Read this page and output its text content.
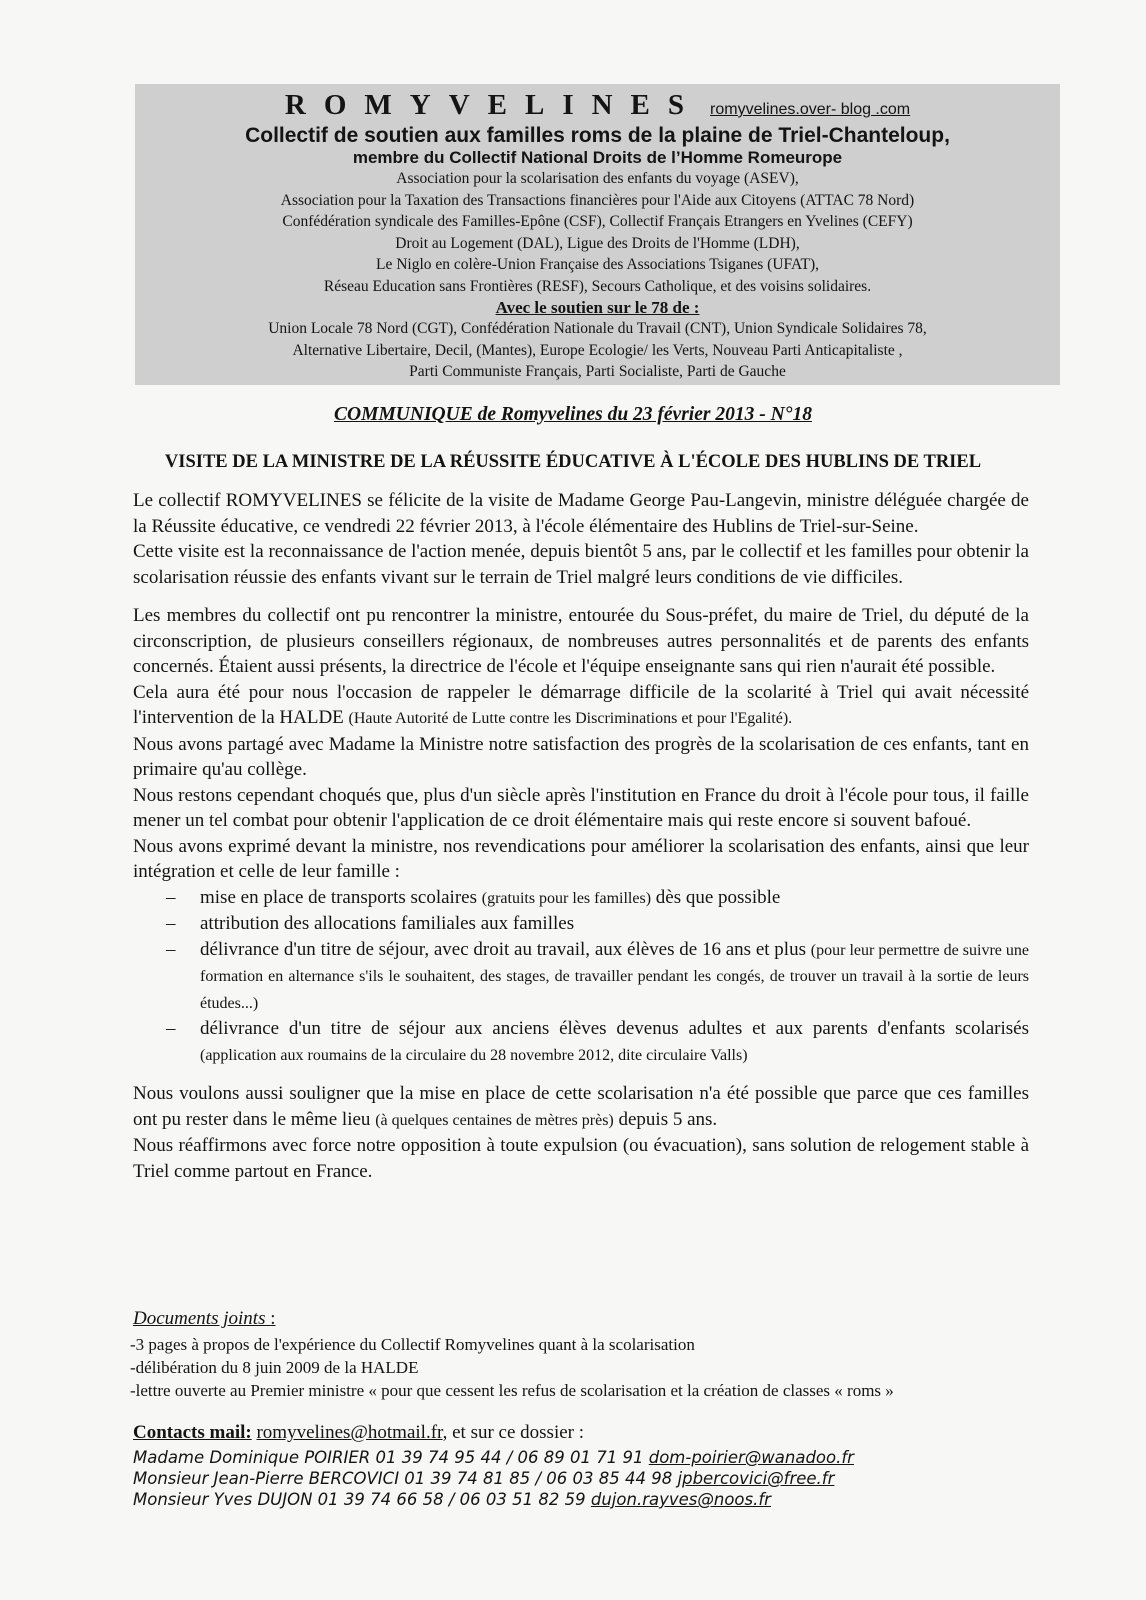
ROMYVELINES romyvelines.over- blog .com
Collectif de soutien aux familles roms de la plaine de Triel-Chanteloup,
membre du Collectif National Droits de l’Homme Romeurope
Association pour la scolarisation des enfants du voyage (ASEV),
Association pour la Taxation des Transactions financières pour l'Aide aux Citoyens (ATTAC 78 Nord)
Confédération syndicale des Familles-Epône (CSF), Collectif Français Etrangers en Yvelines (CEFY)
Droit au Logement (DAL), Ligue des Droits de l'Homme (LDH),
Le Niglo en colère-Union Française des Associations Tsiganes (UFAT),
Réseau Education sans Frontières (RESF), Secours Catholique, et des voisins solidaires.
Avec le soutien sur le 78 de :
Union Locale 78 Nord (CGT), Confédération Nationale du Travail (CNT), Union Syndicale Solidaires 78,
Alternative Libertaire, Decil, (Mantes), Europe Ecologie/ les Verts, Nouveau Parti Anticapitaliste ,
Parti Communiste Français, Parti Socialiste, Parti de Gauche
COMMUNIQUE de Romyvelines du 23 février 2013 - N°18
VISITE DE LA MINISTRE DE LA RÉUSSITE ÉDUCATIVE À L'ÉCOLE DES HUBLINS DE TRIEL

Le collectif ROMYVELINES se félicite de la visite de Madame George Pau-Langevin, ministre déléguée chargée de la Réussite éducative, ce vendredi 22 février 2013, à l'école élémentaire des Hublins de Triel-sur-Seine.

Cette visite est la reconnaissance de l'action menée, depuis bientôt 5 ans, par le collectif et les familles pour obtenir la scolarisation réussie des enfants vivant sur le terrain de Triel malgré leurs conditions de vie difficiles.

Les membres du collectif ont pu rencontrer la ministre, entourée du Sous-préfet, du maire de Triel, du député de la circonscription, de plusieurs conseillers régionaux, de nombreuses autres personnalités et de parents des enfants concernés. Étaient aussi présents, la directrice de l'école et l'équipe enseignante sans qui rien n'aurait été possible.

Cela aura été pour nous l'occasion de rappeler le démarrage difficile de la scolarité à Triel qui avait nécessité l'intervention de la HALDE (Haute Autorité de Lutte contre les Discriminations et pour l'Egalité).

Nous avons partagé avec Madame la Ministre notre satisfaction des progrès de la scolarisation de ces enfants, tant en primaire qu'au collège.

Nous restons cependant choqués que, plus d'un siècle après l'institution en France du droit à l'école pour tous, il faille mener un tel combat pour obtenir l'application de ce droit élémentaire mais qui reste encore si souvent bafoué.

Nous avons exprimé devant la ministre, nos revendications pour améliorer la scolarisation des enfants, ainsi que leur intégration et celle de leur famille :

– mise en place de transports scolaires (gratuits pour les familles) dès que possible
– attribution des allocations familiales aux familles
– délivrance d'un titre de séjour, avec droit au travail, aux élèves de 16 ans et plus (pour leur permettre de suivre une formation en alternance s'ils le souhaitent, des stages, de travailler pendant les congés, de trouver un travail à la sortie de leurs études...)
– délivrance d'un titre de séjour aux anciens élèves devenus adultes et aux parents d'enfants scolarisés (application aux roumains de la circulaire du 28 novembre 2012, dite circulaire Valls)

Nous voulons aussi souligner que la mise en place de cette scolarisation n'a été possible que parce que ces familles ont pu rester dans le même lieu (à quelques centaines de mètres près) depuis 5 ans.

Nous réaffirmons avec force notre opposition à toute expulsion (ou évacuation), sans solution de relogement stable à Triel comme partout en France.

Documents joints :
-3 pages à propos de l'expérience du Collectif Romyvelines quant à la scolarisation
-délibération du 8 juin 2009 de la HALDE
-lettre ouverte au Premier ministre « pour que cessent les refus de scolarisation et la création de classes « roms »
Contacts mail: romyvelines@hotmail.fr, et sur ce dossier :
Madame Dominique POIRIER 01 39 74 95 44 / 06 89 01 71 91 dom-poirier@wanadoo.fr
Monsieur Jean-Pierre BERCOVICI 01 39 74 81 85 / 06 03 85 44 98 jpbercovici@free.fr
Monsieur Yves DUJON 01 39 74 66 58 / 06 03 51 82 59 dujon.rayves@noos.fr
